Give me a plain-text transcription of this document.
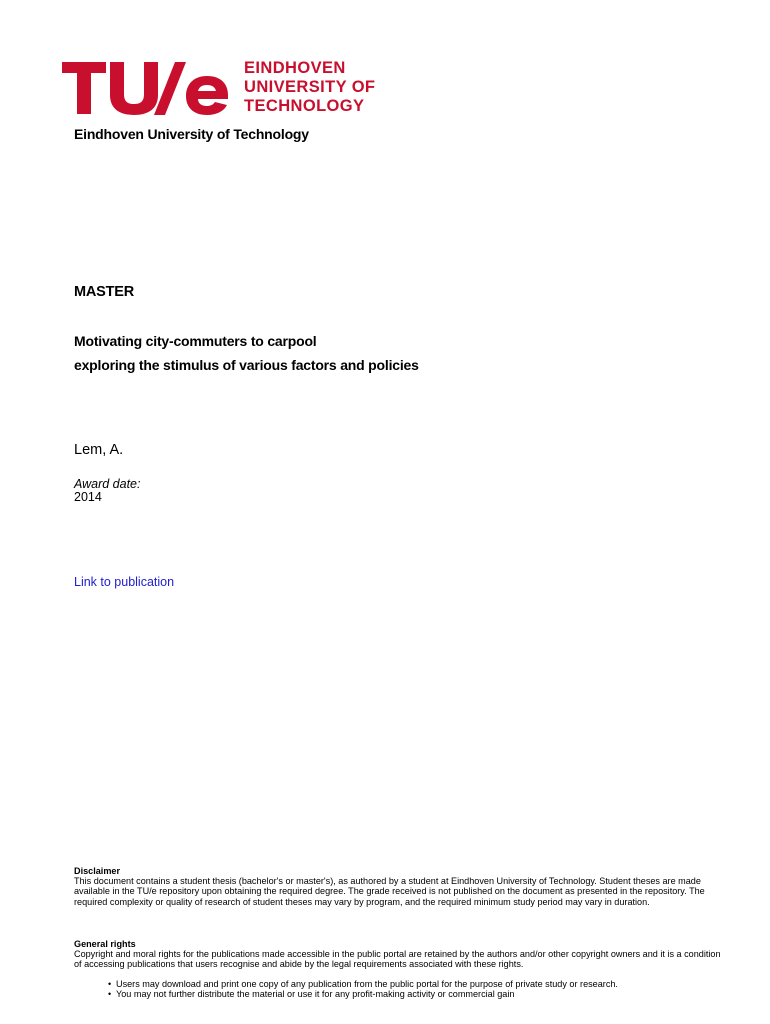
EINDHOVEN
UNIVERSITY OF
TECHNOLOGY
Eindhoven University of Technology
MASTER
Motivating city-commuters to carpool
exploring the stimulus of various factors and policies
Lem, A.
Award date:
2014
Link to publication
Disclaimer
This document contains a student thesis (bachelor's or master's), as authored by a student at Eindhoven University of Technology. Student theses are made available in the TU/e repository upon obtaining the required degree. The grade received is not published on the document as presented in the repository. The required complexity or quality of research of student theses may vary by program, and the required minimum study period may vary in duration.
General rights
Copyright and moral rights for the publications made accessible in the public portal are retained by the authors and/or other copyright owners and it is a condition of accessing publications that users recognise and abide by the legal requirements associated with these rights.
• Users may download and print one copy of any publication from the public portal for the purpose of private study or research.
• You may not further distribute the material or use it for any profit-making activity or commercial gain
